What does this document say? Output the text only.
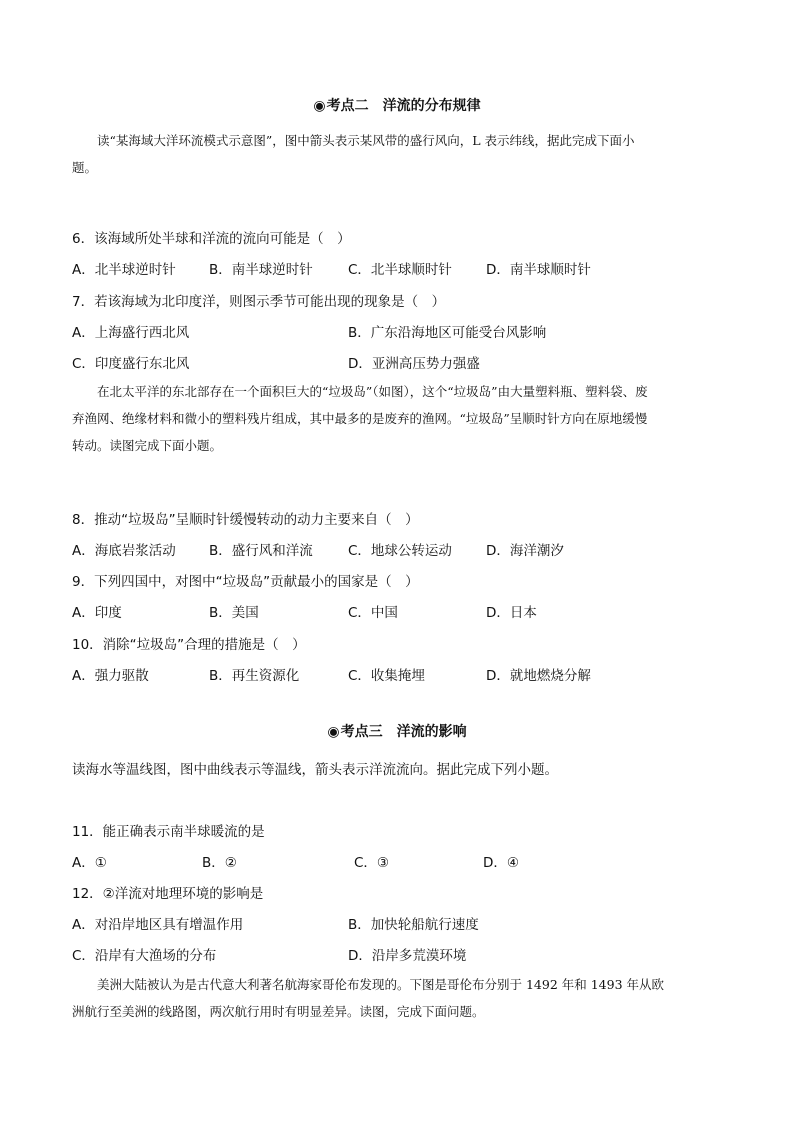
◉考点二　洋流的分布规律

读“某海域大洋环流模式示意图”，图中箭头表示某风带的盛行风向，L 表示纬线，据此完成下面小

题。

6．该海域所处半球和洋流的流向可能是（　）
A．北半球逆时针 B．南半球逆时针	C．北半球顺时针	D．南半球顺时针
7．若该海域为北印度洋，则图示季节可能出现的现象是（　）
A．上海盛行西北风	B．广东沿海地区可能受台风影响
C．印度盛行东北风	D．亚洲高压势力强盛

在北太平洋的东北部存在一个面积巨大的“垃圾岛”（如图），这个“垃圾岛”由大量塑料瓶、塑料袋、废

弃渔网、绝缘材料和微小的塑料残片组成，其中最多的是废弃的渔网。“垃圾岛”呈顺时针方向在原地缓慢

转动。读图完成下面小题。

8．推动“垃圾岛”呈顺时针缓慢转动的动力主要来自（　）
A．海底岩浆活动 B．盛行风和洋流	C．地球公转运动	D．海洋潮汐
9．下列四国中，对图中“垃圾岛”贡献最小的国家是（　）
A．印度	B．美国	C．中国	D．日本
10．消除“垃圾岛”合理的措施是（　）
A．强力驱散	B．再生资源化	C．收集掩埋	D．就地燃烧分解
◉考点三　洋流的影响
读海水等温线图，图中曲线表示等温线，箭头表示洋流流向。据此完成下列小题。
11．能正确表示南半球暖流的是
A．①	B．②	C．③	D．④
12．②洋流对地理环境的影响是
A．对沿岸地区具有增温作用	B．加快轮船航行速度
C．沿岸有大渔场的分布	D．沿岸多荒漠环境

美洲大陆被认为是古代意大利著名航海家哥伦布发现的。下图是哥伦布分别于 1492 年和 1493 年从欧

洲航行至美洲的线路图，两次航行用时有明显差异。读图，完成下面问题。
